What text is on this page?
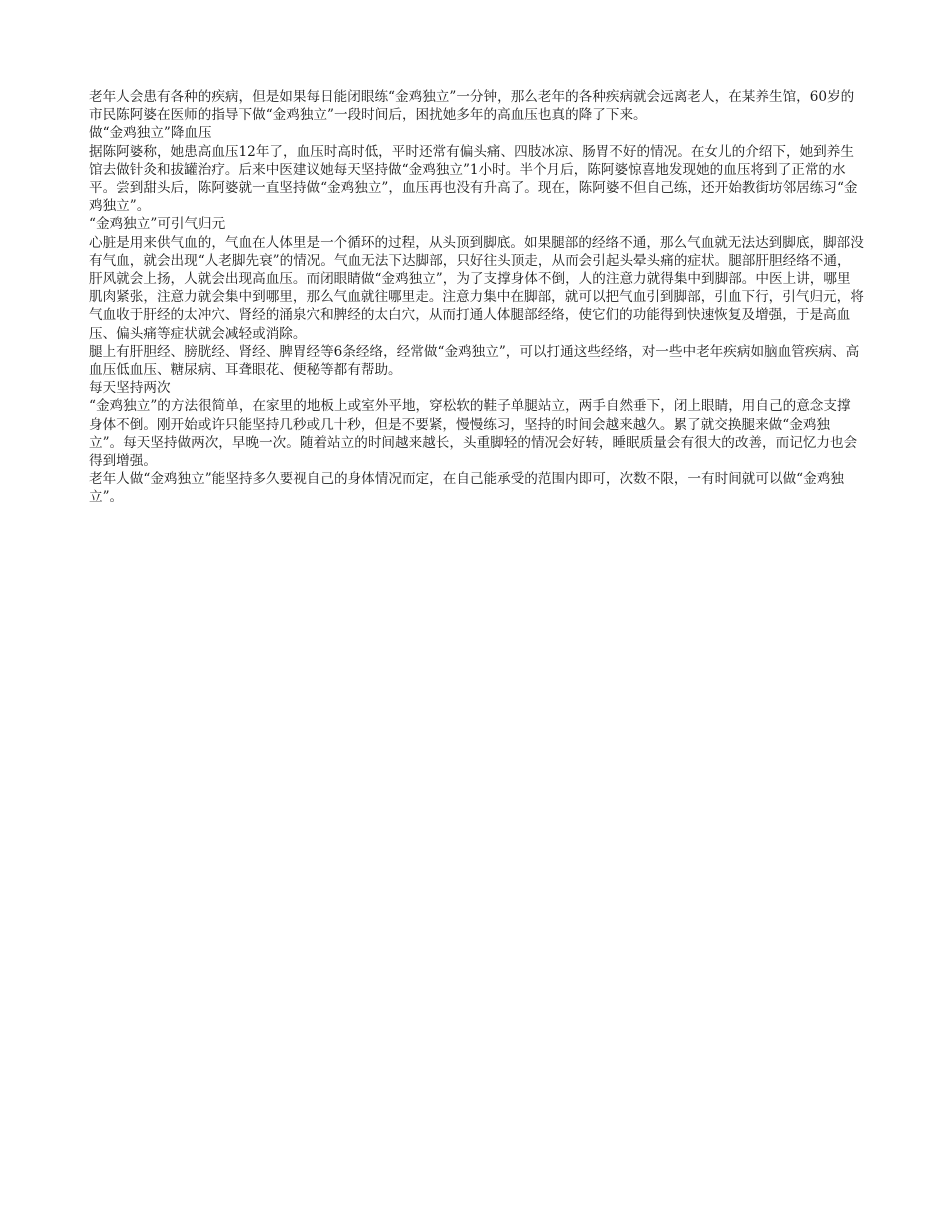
老年人会患有各种的疾病，但是如果每日能闭眼练“金鸡独立”一分钟，那么老年的各种疾病就会远离老人，在某养生馆，60岁的市民陈阿婆在医师的指导下做“金鸡独立”一段时间后，困扰她多年的高血压也真的降了下来。

做“金鸡独立”降血压

据陈阿婆称，她患高血压12年了，血压时高时低，平时还常有偏头痛、四肢冰凉、肠胃不好的情况。在女儿的介绍下，她到养生馆去做针灸和拔罐治疗。后来中医建议她每天坚持做“金鸡独立”1小时。半个月后，陈阿婆惊喜地发现她的血压将到了正常的水平。尝到甜头后，陈阿婆就一直坚持做“金鸡独立”，血压再也没有升高了。现在，陈阿婆不但自己练，还开始教街坊邻居练习“金鸡独立”。

“金鸡独立”可引气归元

心脏是用来供气血的，气血在人体里是一个循环的过程，从头顶到脚底。如果腿部的经络不通，那么气血就无法达到脚底，脚部没有气血，就会出现“人老脚先衰”的情况。气血无法下达脚部，只好往头顶走，从而会引起头晕头痛的症状。腿部肝胆经络不通，肝风就会上扬，人就会出现高血压。而闭眼睛做“金鸡独立”，为了支撑身体不倒，人的注意力就得集中到脚部。中医上讲，哪里肌肉紧张，注意力就会集中到哪里，那么气血就往哪里走。注意力集中在脚部，就可以把气血引到脚部，引血下行，引气归元，将气血收于肝经的太冲穴、肾经的涌泉穴和脾经的太白穴，从而打通人体腿部经络，使它们的功能得到快速恢复及增强，于是高血压、偏头痛等症状就会减轻或消除。

腿上有肝胆经、膀胱经、肾经、脾胃经等6条经络，经常做“金鸡独立”，可以打通这些经络，对一些中老年疾病如脑血管疾病、高血压低血压、糖尿病、耳聋眼花、便秘等都有帮助。

每天坚持两次

“金鸡独立”的方法很简单，在家里的地板上或室外平地，穿松软的鞋子单腿站立，两手自然垂下，闭上眼睛，用自己的意念支撑身体不倒。刚开始或许只能坚持几秒或几十秒，但是不要紧，慢慢练习，坚持的时间会越来越久。累了就交换腿来做“金鸡独立”。每天坚持做两次，早晚一次。随着站立的时间越来越长，头重脚轻的情况会好转，睡眠质量会有很大的改善，而记忆力也会得到增强。

老年人做“金鸡独立”能坚持多久要视自己的身体情况而定，在自己能承受的范围内即可，次数不限，一有时间就可以做“金鸡独立”。
